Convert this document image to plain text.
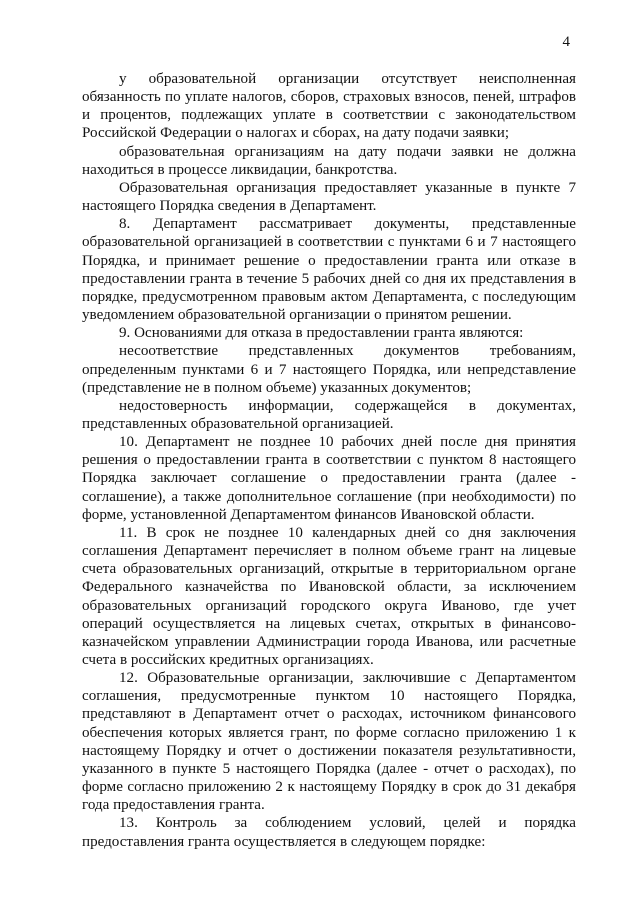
4

у образовательной организации отсутствует неисполненная обязанность по уплате налогов, сборов, страховых взносов, пеней, штрафов и процентов, подлежащих уплате в соответствии с законодательством Российской Федерации о налогах и сборах, на дату подачи заявки;

образовательная организациям на дату подачи заявки не должна находиться в процессе ликвидации, банкротства.

Образовательная организация предоставляет указанные в пункте 7 настоящего Порядка сведения в Департамент.

8. Департамент рассматривает документы, представленные образовательной организацией в соответствии с пунктами 6 и 7 настоящего Порядка, и принимает решение о предоставлении гранта или отказе в предоставлении гранта в течение 5 рабочих дней со дня их представления в порядке, предусмотренном правовым актом Департамента, с последующим уведомлением образовательной организации о принятом решении.

9. Основаниями для отказа в предоставлении гранта являются:

несоответствие представленных документов требованиям, определенным пунктами 6 и 7 настоящего Порядка, или непредставление (представление не в полном объеме) указанных документов;

недостоверность информации, содержащейся в документах, представленных образовательной организацией.

10. Департамент не позднее 10 рабочих дней после дня принятия решения о предоставлении гранта в соответствии с пунктом 8 настоящего Порядка заключает соглашение о предоставлении гранта (далее - соглашение), а также дополнительное соглашение (при необходимости) по форме, установленной Департаментом финансов Ивановской области.

11. В срок не позднее 10 календарных дней со дня заключения соглашения Департамент перечисляет в полном объеме грант на лицевые счета образовательных организаций, открытые в территориальном органе Федерального казначейства по Ивановской области, за исключением образовательных организаций городского округа Иваново, где учет операций осуществляется на лицевых счетах, открытых в финансово-казначейском управлении Администрации города Иванова, или расчетные счета в российских кредитных организациях.

12. Образовательные организации, заключившие с Департаментом соглашения, предусмотренные пунктом 10 настоящего Порядка, представляют в Департамент отчет о расходах, источником финансового обеспечения которых является грант, по форме согласно приложению 1 к настоящему Порядку и отчет о достижении показателя результативности, указанного в пункте 5 настоящего Порядка (далее - отчет о расходах), по форме согласно приложению 2 к настоящему Порядку в срок до 31 декабря года предоставления гранта.

13. Контроль за соблюдением условий, целей и порядка предоставления гранта осуществляется в следующем порядке:
